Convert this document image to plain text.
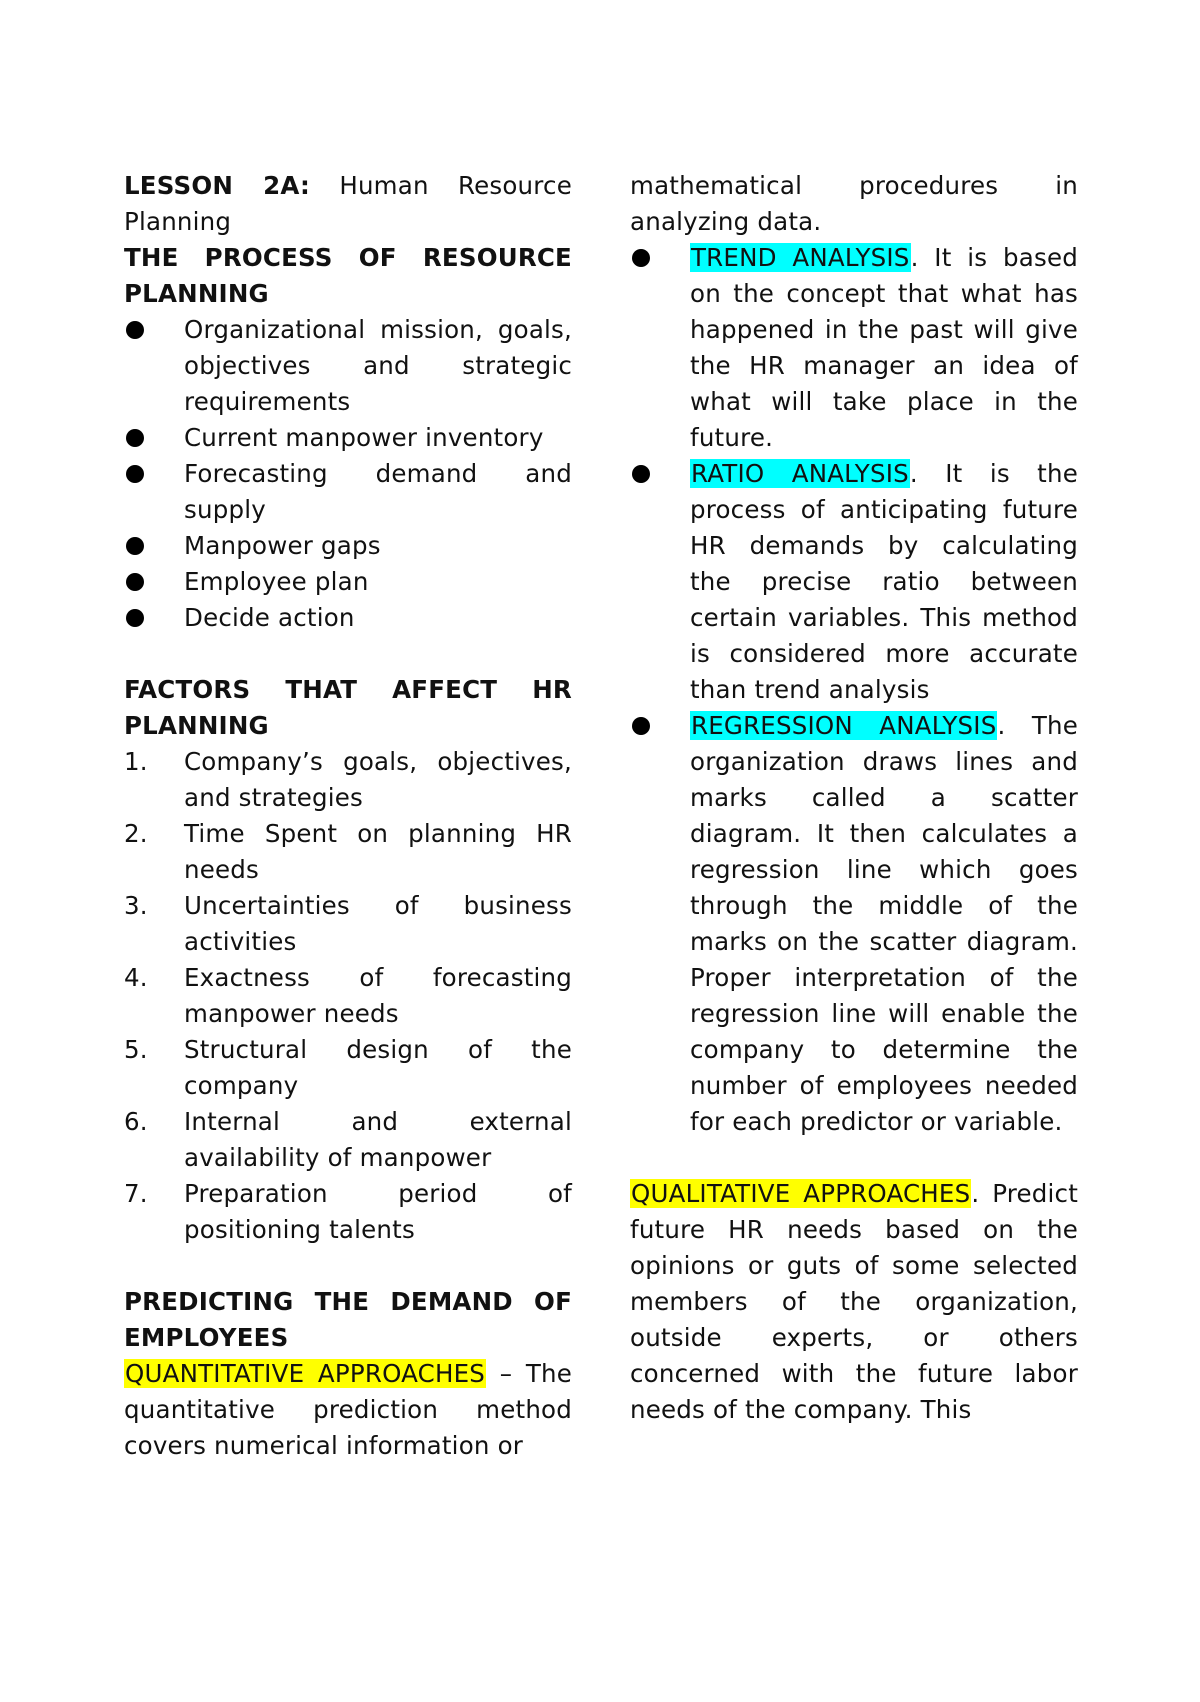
LESSON 2A: Human Resource Planning

THE PROCESS OF RESOURCE PLANNING

Organizational mission, goals, objectives and strategic requirements
Current manpower inventory
Forecasting demand and supply
Manpower gaps
Employee plan
Decide action

FACTORS THAT AFFECT HR PLANNING

1. Company’s goals, objectives, and strategies
2. Time Spent on planning HR needs
3. Uncertainties of business activities
4. Exactness of forecasting manpower needs
5. Structural design of the company
6. Internal and external availability of manpower
7. Preparation period of positioning talents

PREDICTING THE DEMAND OF EMPLOYEES

QUANTITATIVE APPROACHES – The quantitative prediction method covers numerical information or

mathematical procedures in analyzing data.

TREND ANALYSIS. It is based on the concept that what has happened in the past will give the HR manager an idea of what will take place in the future.
RATIO ANALYSIS. It is the process of anticipating future HR demands by calculating the precise ratio between certain variables. This method is considered more accurate than trend analysis
REGRESSION ANALYSIS. The organization draws lines and marks called a scatter diagram. It then calculates a regression line which goes through the middle of the marks on the scatter diagram. Proper interpretation of the regression line will enable the company to determine the number of employees needed for each predictor or variable.

QUALITATIVE APPROACHES. Predict future HR needs based on the opinions or guts of some selected members of the organization, outside experts, or others concerned with the future labor needs of the company. This
